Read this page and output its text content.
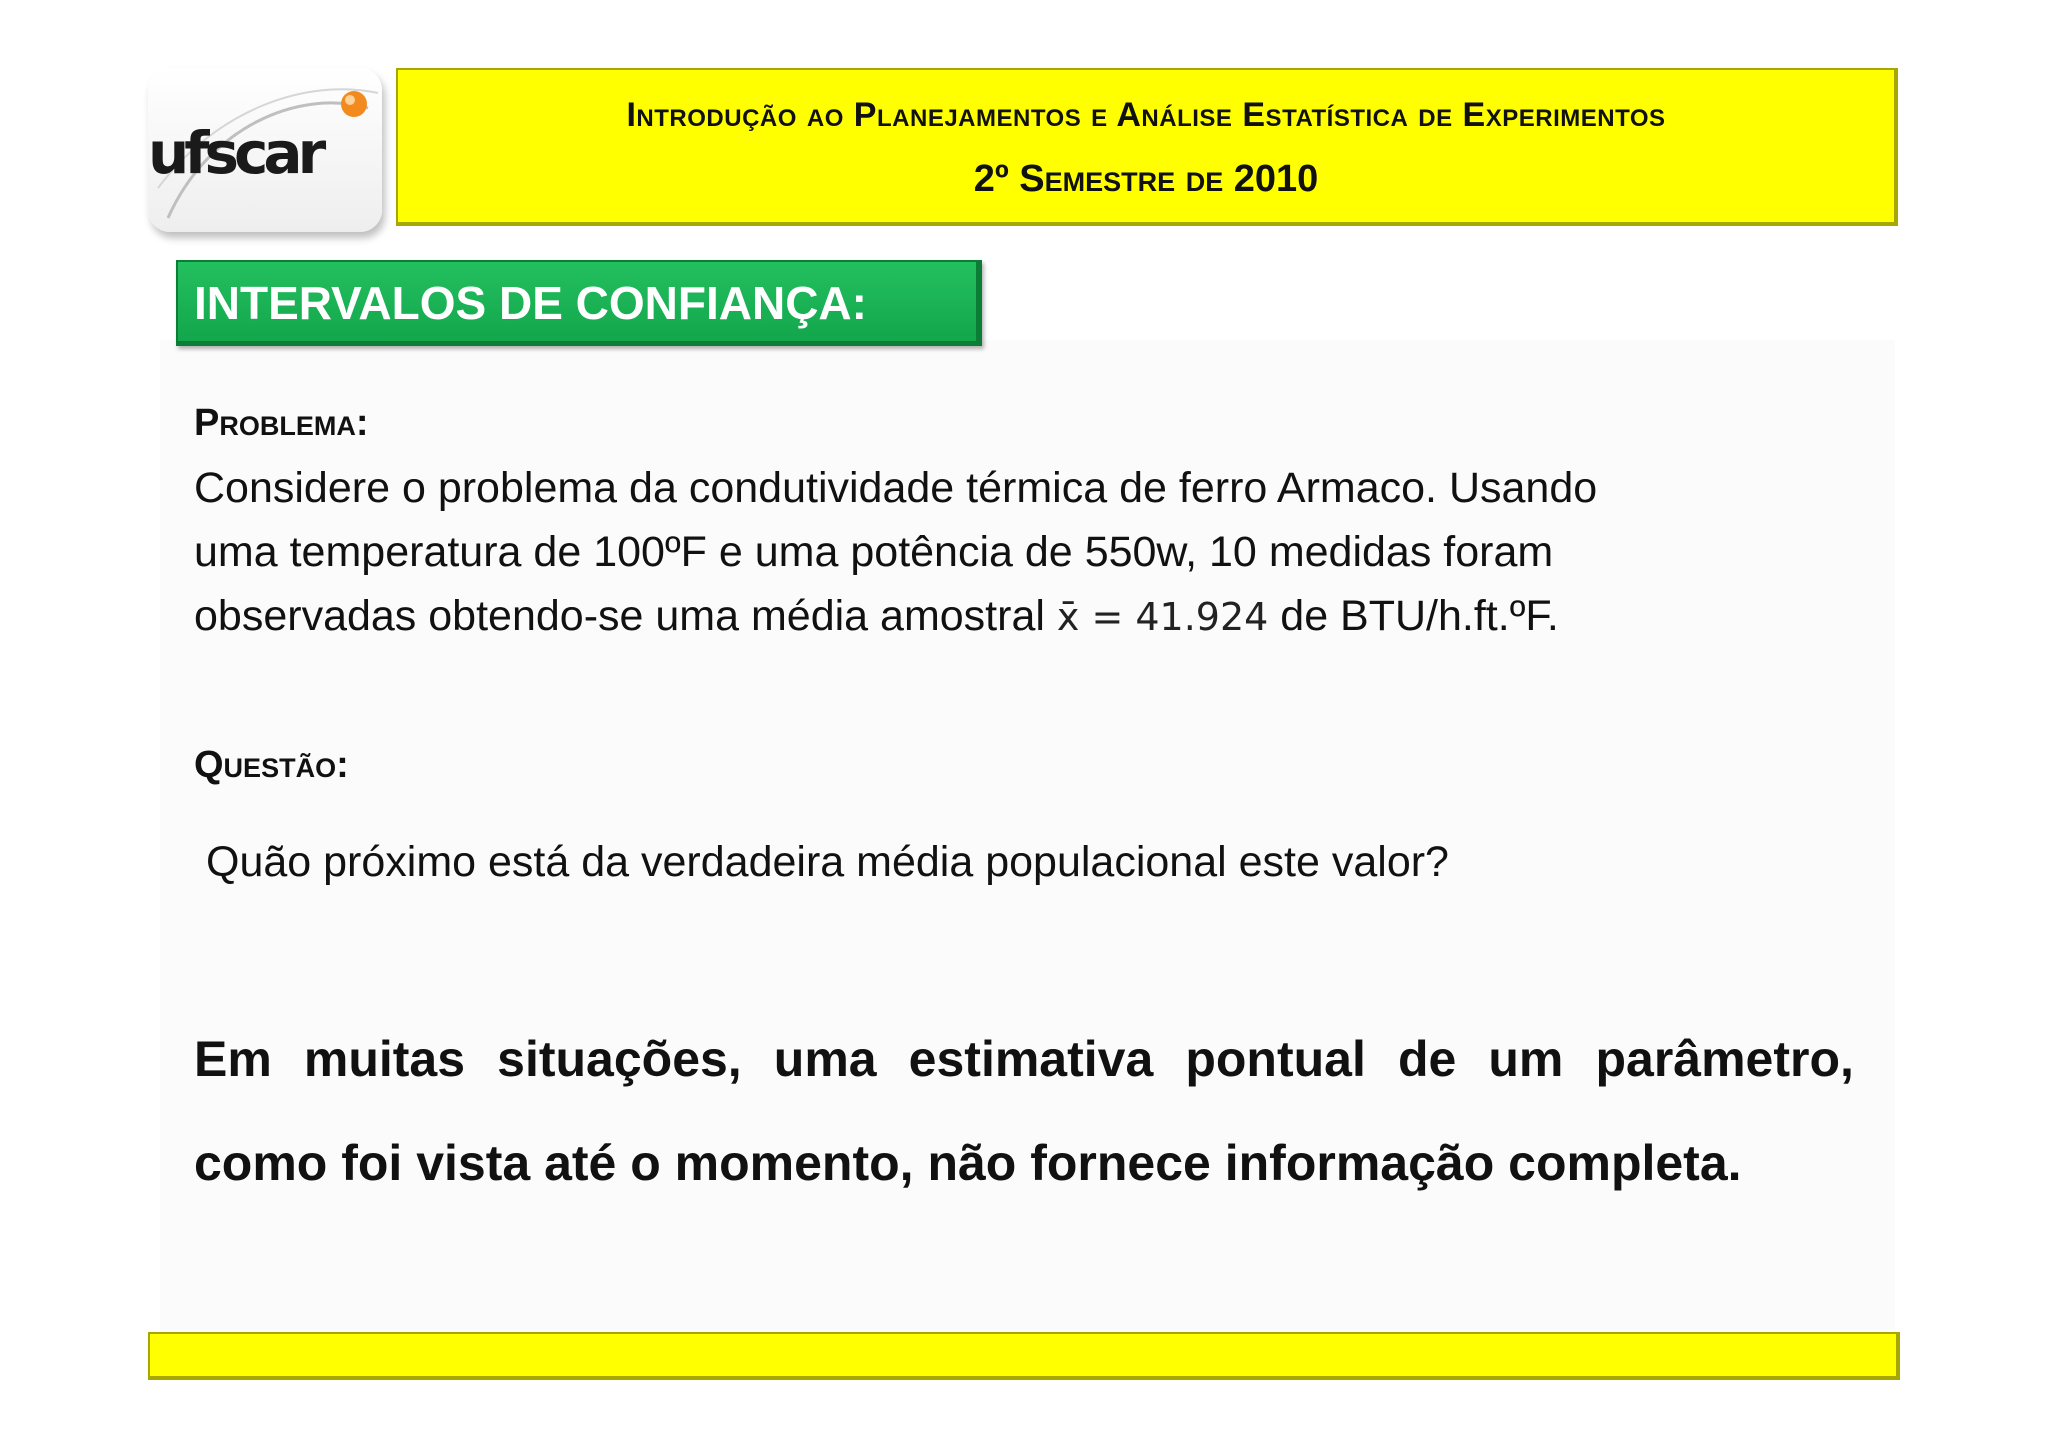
ufscar
Introdução ao Planejamentos e Análise Estatística de Experimentos
2º Semestre de 2010
INTERVALOS DE CONFIANÇA:
Problema:
Considere o problema da condutividade térmica de ferro Armaco. Usando
uma temperatura de 100ºF e uma potência de 550w, 10 medidas foram
observadas obtendo-se uma média amostral x̄ = 41.924 de BTU/h.ft.ºF.
Questão:
Quão próximo está da verdadeira média populacional este valor?
Em muitas situações, uma estimativa pontual de um parâmetro,
como foi vista até o momento, não fornece informação completa.
